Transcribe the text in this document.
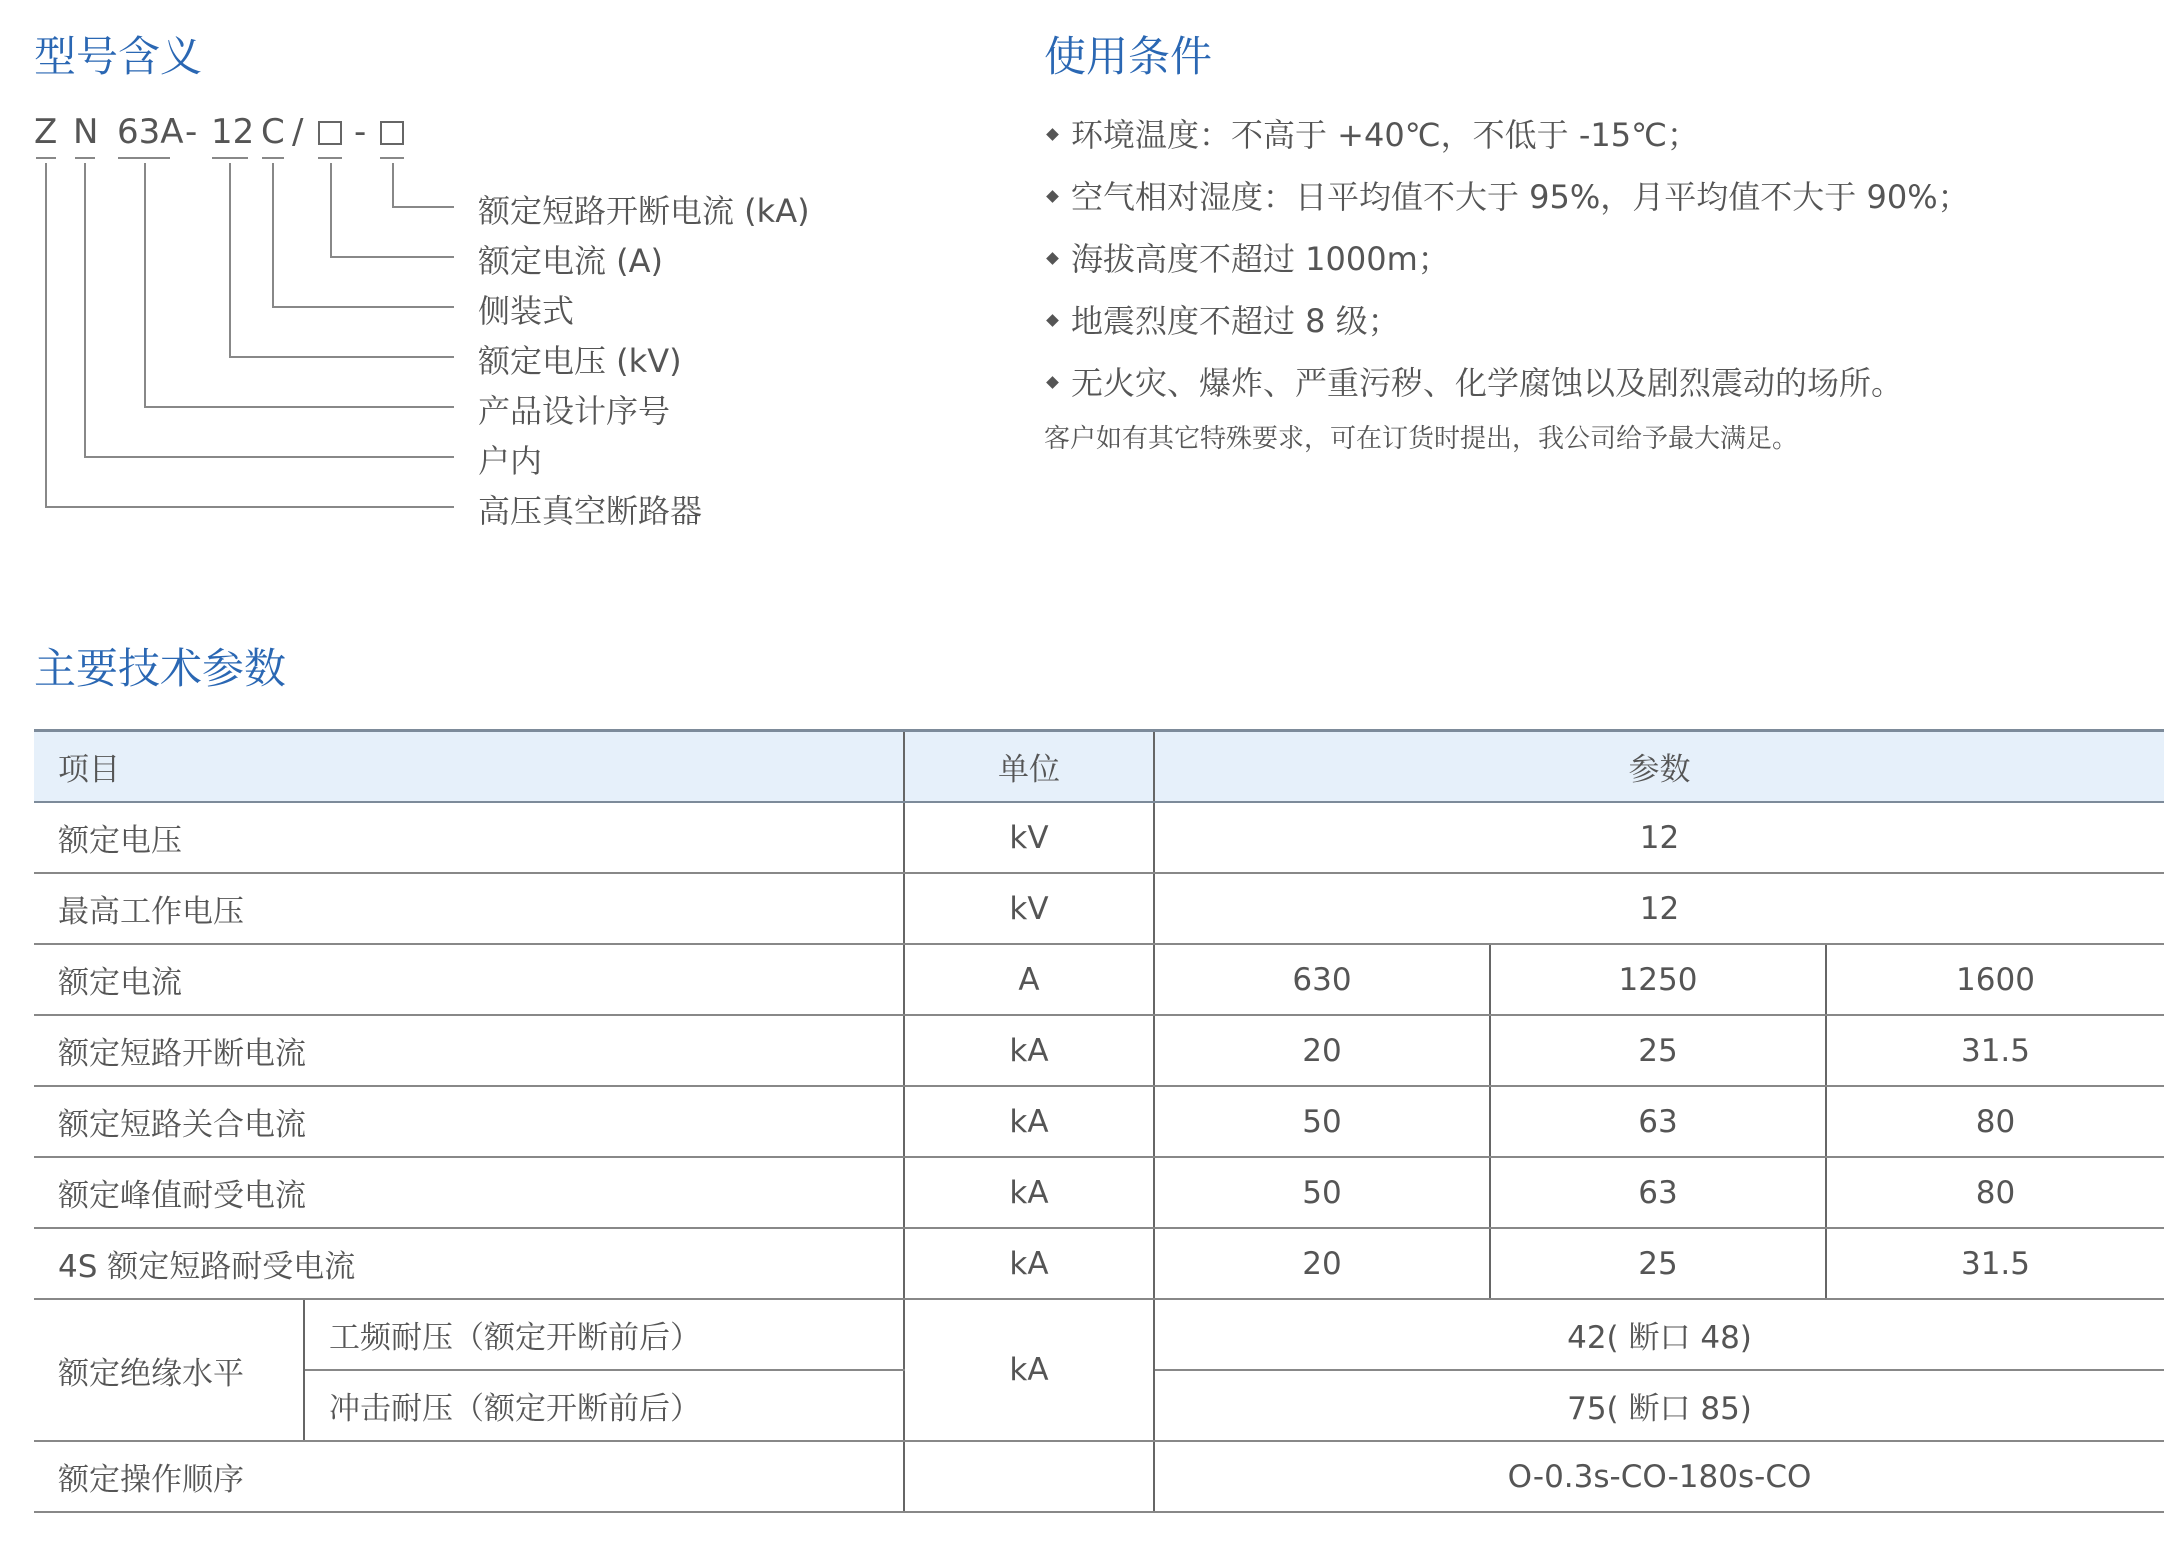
型号含义	使用条件
主要技术参数
Z N 63A - 12 C / -
额定短路开断电流 (kA)
额定电流 (A)
侧装式
额定电压 (kV)
产品设计序号
户内
高压真空断路器
环境温度：不高于 +40℃，不低于 -15℃；
空气相对湿度：日平均值不大于 95%，月平均值不大于 90%；
海拔高度不超过 1000m；
地震烈度不超过 8 级；
无火灾、爆炸、严重污秽、化学腐蚀以及剧烈震动的场所。
客户如有其它特殊要求，可在订货时提出，我公司给予最大满足。
项目		单位	参数		
额定电压		kV	12		
最高工作电压		kV	12		
额定电流		A	630	1250	1600
额定短路开断电流		kA	20	25	31.5
额定短路关合电流		kA	50	63	80
额定峰值耐受电流		kA	50	63	80
4S 额定短路耐受电流		kA	20	25	31.5
额定绝缘水平	工频耐压（额定开断前后）	kA	42( 断口 48)		
	冲击耐压（额定开断前后）		75( 断口 85)		
额定操作顺序			O-0.3s-CO-180s-CO		
